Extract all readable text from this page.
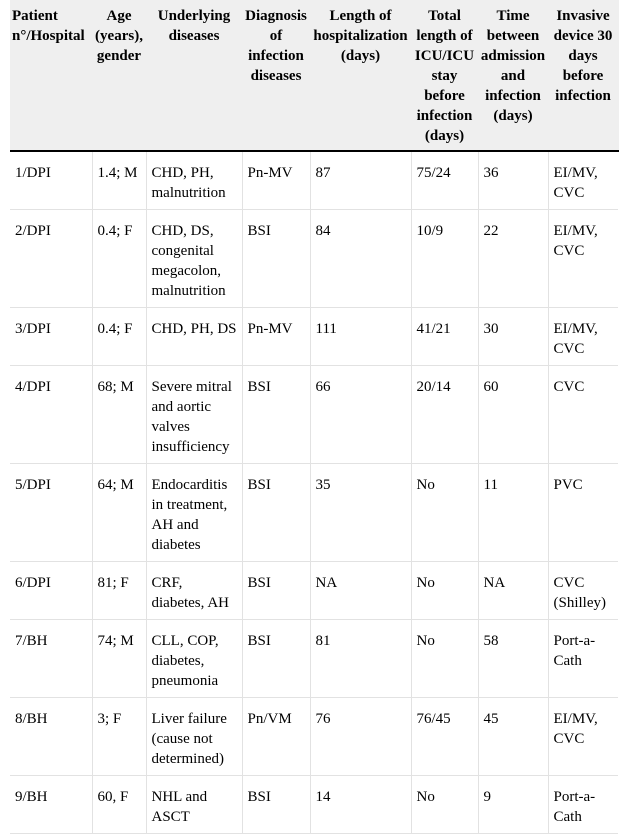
Patient n°/Hospital	Age (years), gender	Underlying diseases	Diagnosis of infection diseases	Length of hospitalization (days)	Total length of ICU/ICU stay before infection (days)	Time between admission and infection (days)	Invasive device 30 days before infection
1/DPI	1.4; M	CHD, PH, malnutrition	Pn-MV	87	75/24	36	EI/MV, CVC
2/DPI	0.4; F	CHD, DS, congenital megacolon, malnutrition	BSI	84	10/9	22	EI/MV, CVC
3/DPI	0.4; F	CHD, PH, DS	Pn-MV	111	41/21	30	EI/MV, CVC
4/DPI	68; M	Severe mitral and aortic valves insufficiency	BSI	66	20/14	60	CVC
5/DPI	64; M	Endocarditis in treatment, AH and diabetes	BSI	35	No	11	PVC
6/DPI	81; F	CRF, diabetes, AH	BSI	NA	No	NA	CVC (Shilley)
7/BH	74; M	CLL, COP, diabetes, pneumonia	BSI	81	No	58	Port-a-Cath
8/BH	3; F	Liver failure (cause not determined)	Pn/VM	76	76/45	45	EI/MV, CVC
9/BH	60, F	NHL and ASCT	BSI	14	No	9	Port-a-Cath
